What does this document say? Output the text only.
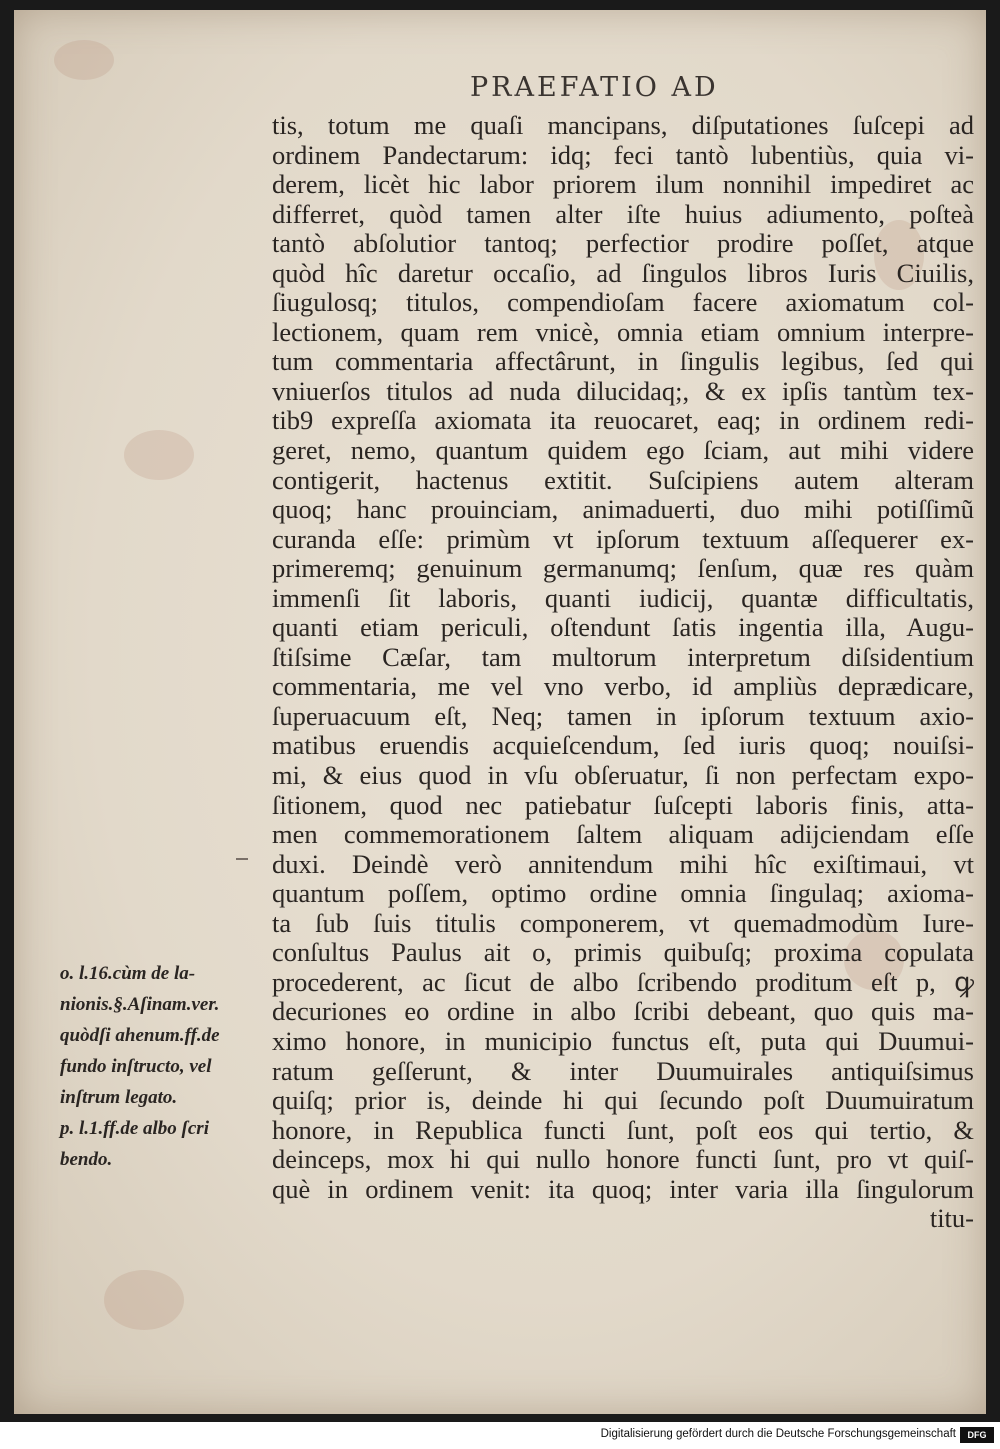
PRAEFATIO AD
tis, totum me quaſi mancipans, diſputationes ſuſcepi ad
ordinem Pandectarum: idq; feci tantò lubentiùs, quia vi-
derem, licèt hic labor priorem ilum nonnihil impediret ac
differret, quòd tamen alter iſte huius adiumento, poſteà
tantò abſolutior tantoq; perfectior prodire poſſet, atque
quòd hîc daretur occaſio, ad ſingulos libros Iuris Ciuilis,
ſiugulosq; titulos, compendioſam facere axiomatum col-
lectionem, quam rem vnicè, omnia etiam omnium interpre-
tum commentaria affectârunt, in ſingulis legibus, ſed qui
vniuerſos titulos ad nuda dilucidaq;, & ex ipſis tantùm tex-
tib9 expreſſa axiomata ita reuocaret, eaq; in ordinem redi-
geret, nemo, quantum quidem ego ſciam, aut mihi videre
contigerit, hactenus extitit. Suſcipiens autem alteram
quoq; hanc prouinciam, animaduerti, duo mihi potiſſimũ
curanda eſſe: primùm vt ipſorum textuum aſſequerer ex-
primeremq; genuinum germanumq; ſenſum, quæ res quàm
immenſi ſit laboris, quanti iudicij, quantæ difficultatis,
quanti etiam periculi, oſtendunt ſatis ingentia illa, Augu-
ſtiſsime Cæſar, tam multorum interpretum diſsidentium
commentaria, me vel vno verbo, id ampliùs deprædicare,
ſuperuacuum eſt, Neq; tamen in ipſorum textuum axio-
matibus eruendis acquieſcendum, ſed iuris quoq; nouiſsi-
mi, & eius quod in vſu obſeruatur, ſi non perfectam expo-
ſitionem, quod nec patiebatur ſuſcepti laboris finis, atta-
men commemorationem ſaltem aliquam adijciendam eſſe
duxi. Deindè verò annitendum mihi hîc exiſtimaui, vt
quantum poſſem, optimo ordine omnia ſingulaq; axioma-
ta ſub ſuis titulis componerem, vt quemadmodùm Iure-
conſultus Paulus ait o, primis quibuſq; proxima copulata
procederent, ac ſicut de albo ſcribendo proditum eſt p, ꝙ
decuriones eo ordine in albo ſcribi debeant, quo quis ma-
ximo honore, in municipio functus eſt, puta qui Duumui-
ratum geſſerunt, & inter Duumuirales antiquiſsimus
quiſq; prior is, deinde hi qui ſecundo poſt Duumuiratum
honore, in Republica functi ſunt, poſt eos qui tertio, &
deinceps, mox hi qui nullo honore functi ſunt, pro vt quiſ-
què in ordinem venit: ita quoq; inter varia illa ſingulorum
titu-
o. l.16.cùm de la-
nionis.§.Aſinam.ver.
quòdſi ahenum.ff.de
fundo inſtructo, vel
inſtrum legato.
p. l.1.ff.de albo ſcri
bendo.
Digitalisierung gefördert durch die Deutsche Forschungsgemeinschaft	DFG
